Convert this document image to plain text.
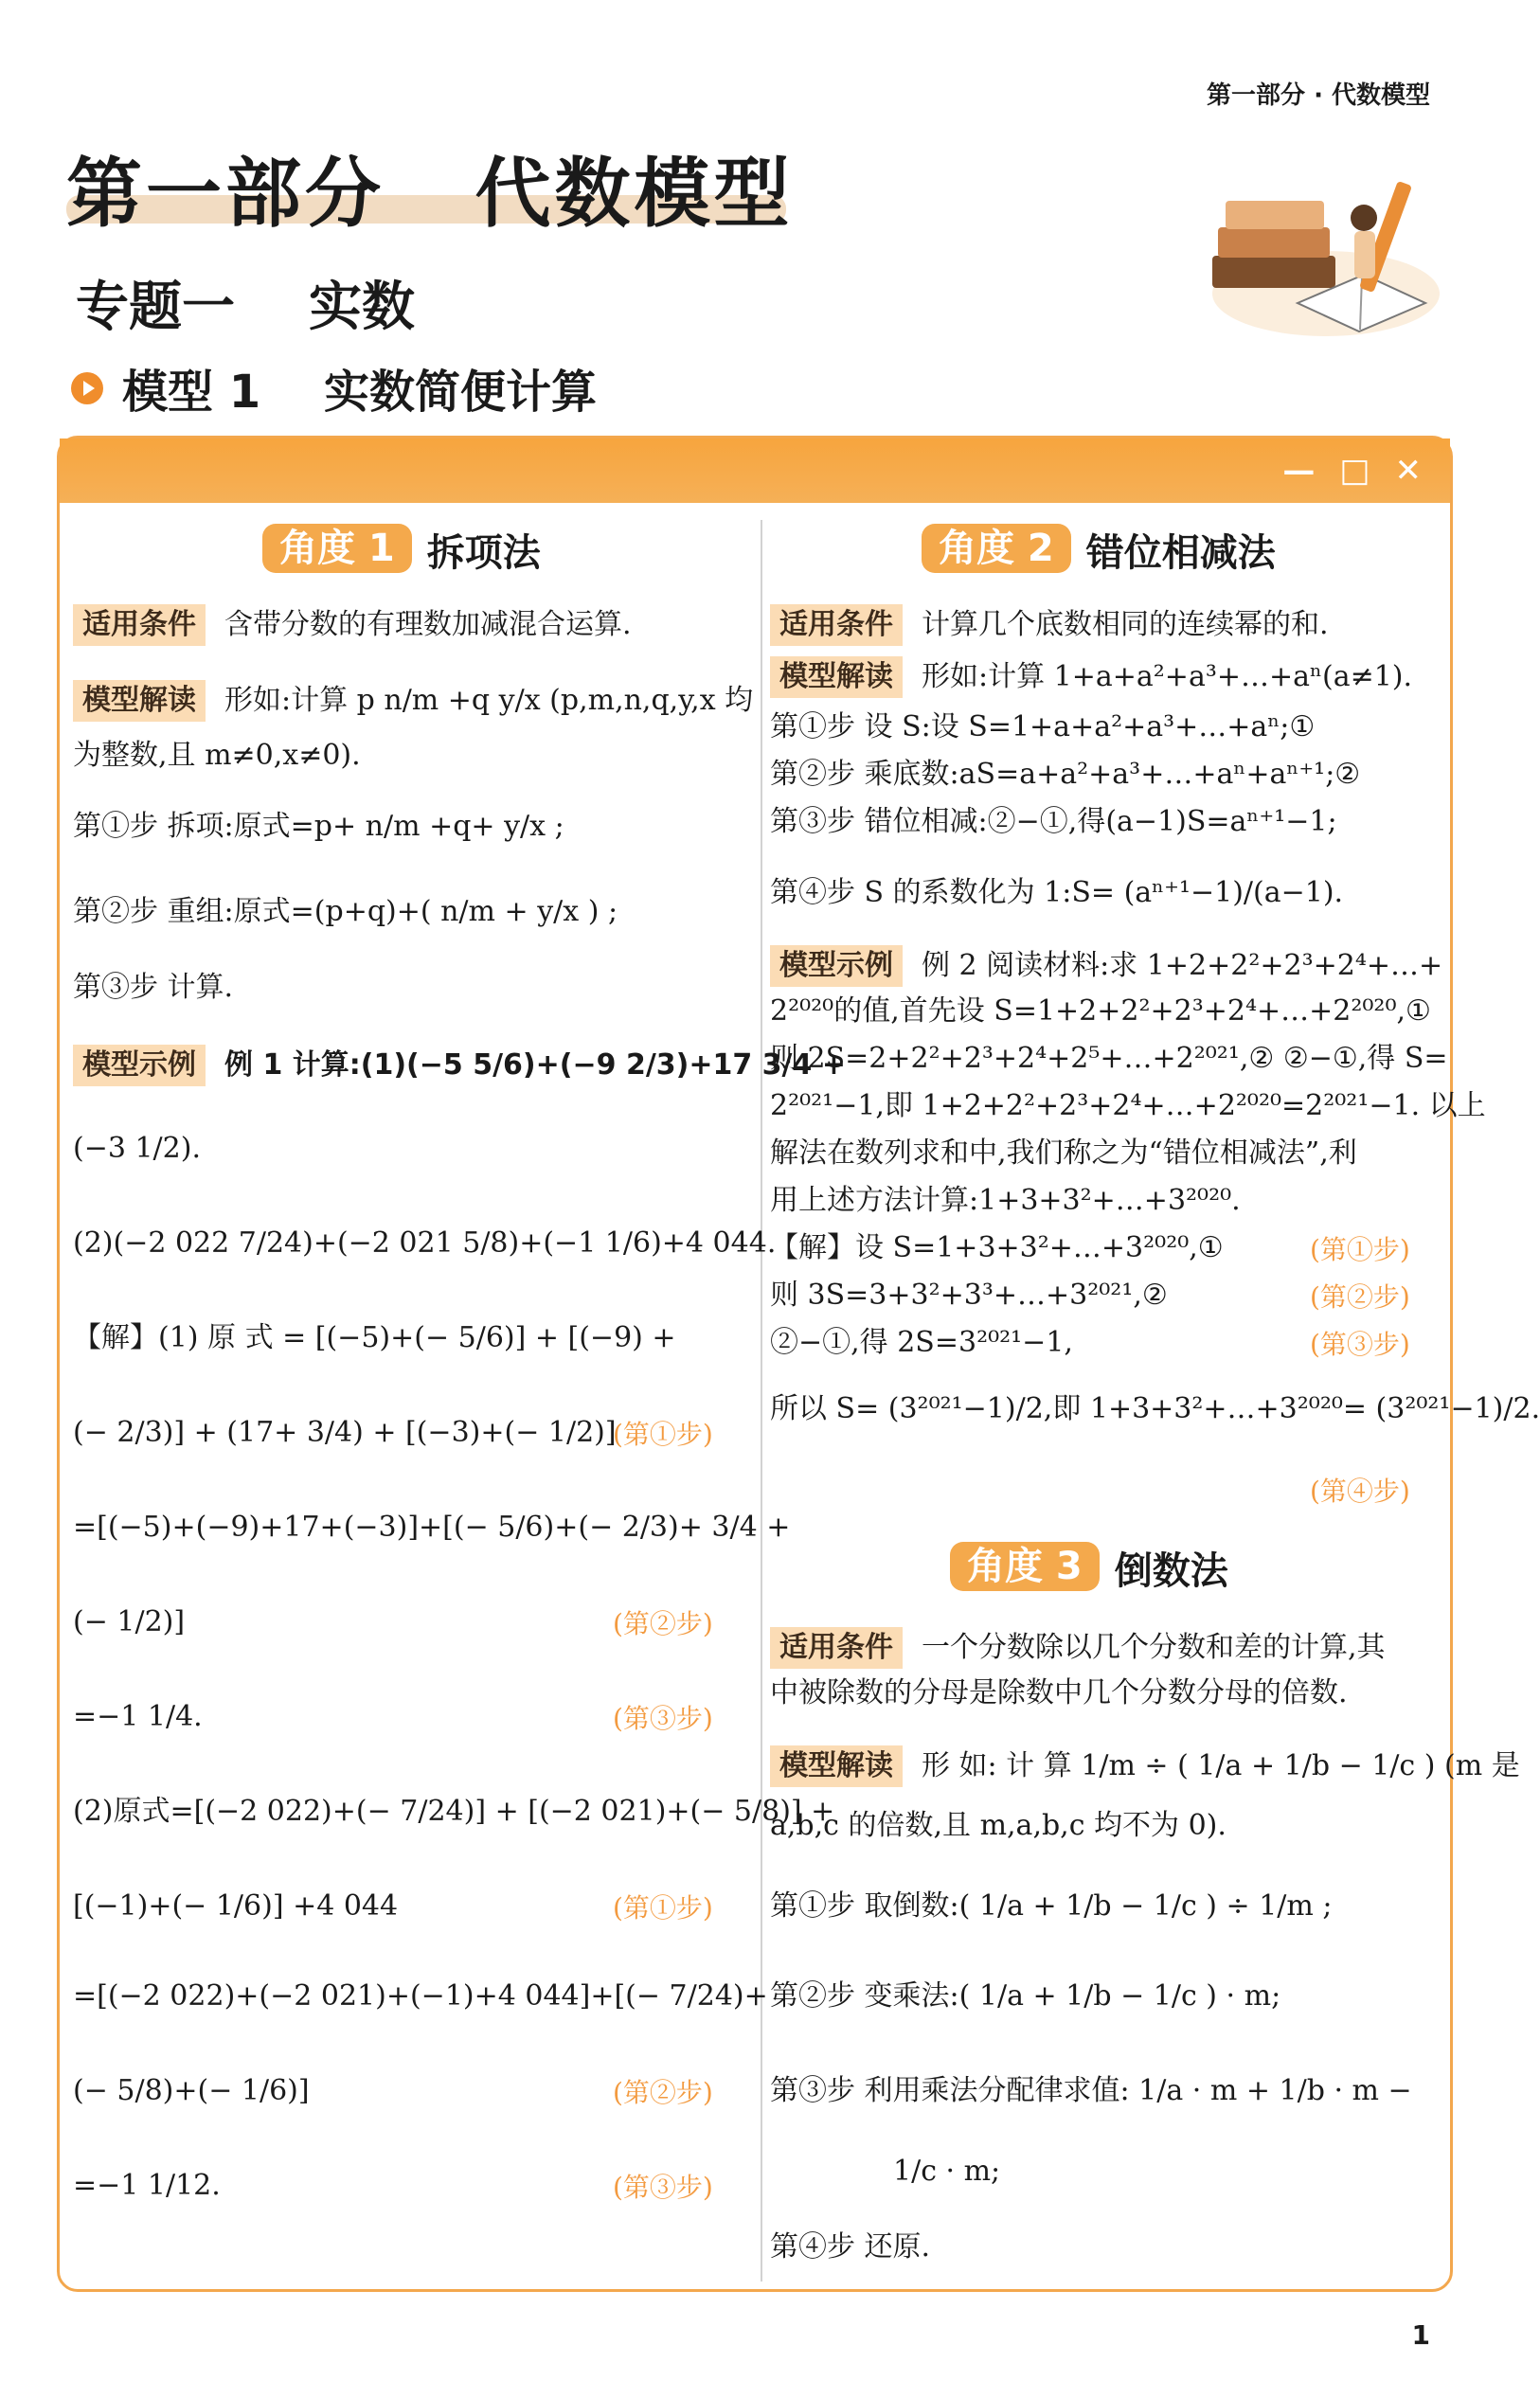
第一部分 · 代数模型
第一部分   代数模型
专题一    实数
模型 1    实数简便计算
— □ ✕
角度 1 拆项法
适用条件 含带分数的有理数加减混合运算.
模型解读 形如:计算 p n/m +q y/x (p,m,n,q,y,x 均
为整数,且 m≠0,x≠0).
第①步 拆项:原式=p+ n/m +q+ y/x ;
第②步 重组:原式=(p+q)+( n/m + y/x ) ;
第③步 计算.
模型示例 例 1 计算:(1)(−5 5/6)+(−9 2/3)+17 3/4 +
(−3 1/2).
(2)(−2 022 7/24)+(−2 021 5/8)+(−1 1/6)+4 044.
【解】(1) 原 式 = [(−5)+(− 5/6)] + [(−9) +
(− 2/3)] + (17+ 3/4) + [(−3)+(− 1/2)]
=[(−5)+(−9)+17+(−3)]+[(− 5/6)+(− 2/3)+ 3/4 +
(− 1/2)]
=−1 1/4.
(2)原式=[(−2 022)+(− 7/24)] + [(−2 021)+(− 5/8)] +
[(−1)+(− 1/6)] +4 044
=[(−2 022)+(−2 021)+(−1)+4 044]+[(− 7/24)+
(− 5/8)+(− 1/6)]
=−1 1/12.
(第①步)
(第②步)
(第③步)
(第①步)
(第②步)
(第③步)
角度 2 错位相减法
适用条件 计算几个底数相同的连续幂的和.
模型解读 形如:计算 1+a+a²+a³+…+aⁿ(a≠1).
第①步 设 S:设 S=1+a+a²+a³+…+aⁿ;①
第②步 乘底数:aS=a+a²+a³+…+aⁿ+aⁿ⁺¹;②
第③步 错位相减:②−①,得(a−1)S=aⁿ⁺¹−1;
第④步 S 的系数化为 1:S= (aⁿ⁺¹−1)/(a−1).
模型示例 例 2 阅读材料:求 1+2+2²+2³+2⁴+…+
2²⁰²⁰的值,首先设 S=1+2+2²+2³+2⁴+…+2²⁰²⁰,①
则 2S=2+2²+2³+2⁴+2⁵+…+2²⁰²¹,② ②−①,得 S=
2²⁰²¹−1,即 1+2+2²+2³+2⁴+…+2²⁰²⁰=2²⁰²¹−1. 以上
解法在数列求和中,我们称之为“错位相减法”,利
用上述方法计算:1+3+3²+…+3²⁰²⁰.
【解】设 S=1+3+3²+…+3²⁰²⁰,①
则 3S=3+3²+3³+…+3²⁰²¹,②
②−①,得 2S=3²⁰²¹−1,
所以 S= (3²⁰²¹−1)/2,即 1+3+3²+…+3²⁰²⁰= (3²⁰²¹−1)/2.
(第①步)
(第②步)
(第③步)
(第④步)
角度 3 倒数法
适用条件 一个分数除以几个分数和差的计算,其
中被除数的分母是除数中几个分数分母的倍数.
模型解读 形 如: 计 算 1/m ÷ ( 1/a + 1/b − 1/c ) (m 是
a,b,c 的倍数,且 m,a,b,c 均不为 0).
第①步 取倒数:( 1/a + 1/b − 1/c ) ÷ 1/m ;
第②步 变乘法:( 1/a + 1/b − 1/c ) · m;
第③步 利用乘法分配律求值: 1/a · m + 1/b · m −
1/c · m;
第④步 还原.
1
